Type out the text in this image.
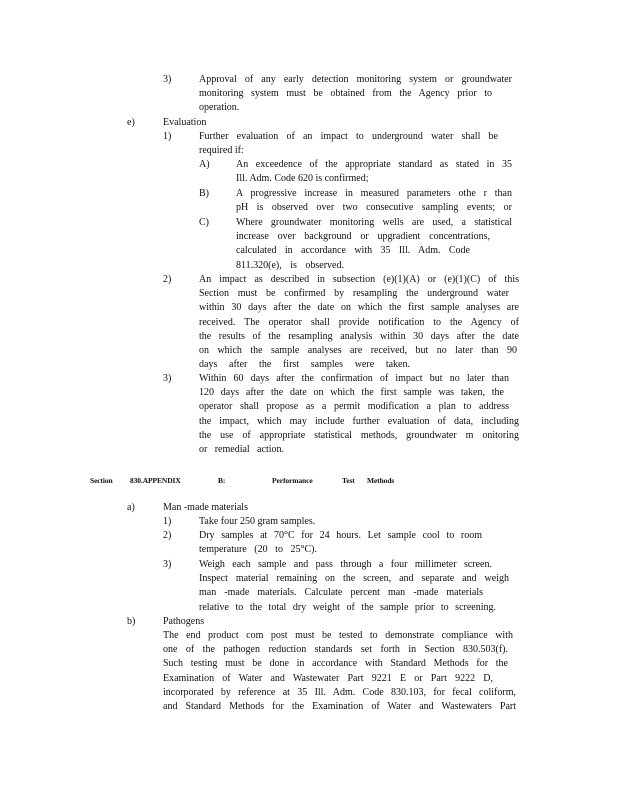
3)	Approval of any early detection monitoring system or groundwater
monitoring system must be obtained from the Agency prior to
operation.
e)	Evaluation
1)	Further evaluation of an impact to underground water shall be
required if:
A)	An exceedence of the appropriate standard as stated in 35
Ill. Adm. Code 620 is confirmed;
B)	A progressive increase in measured parameters othe r than
pH is observed over two consecutive sampling events; or
C)	Where groundwater monitoring wells are used, a statistical
increase over background or upgradient concentrations,
calculated in accordance with 35 Ill. Adm. Code
811.320(e), is observed.
2)	An impact as described in subsection (e)(1)(A) or (e)(1)(C) of this
Section must be confirmed by resampling the underground water
within 30 days after the date on which the first sample analyses are
received. The operator shall provide notification to the Agency of
the results of the resampling analysis within 30 days after the date
on which the sample analyses are received, but no later than 90
days after the first samples were taken.
3)	Within 60 days after the confirmation of impact but no later than
120 days after the date on which the first sample was taken, the
operator shall propose as a permit modification a plan to address
the impact, which may include further evaluation of data, including
the use of appropriate statistical methods, groundwater m onitoring
or remedial action.
Section 830.APPENDIX	B:	Performance	Test Methods
a)	Man -made materials
1)	Take four 250 gram samples.
2)	Dry samples at 70°C for 24 hours. Let sample cool to room
temperature (20 to 25°C).
3)	Weigh each sample and pass through a four millimeter screen.
Inspect material remaining on the screen, and separate and weigh
man -made materials. Calculate percent man -made materials
relative to the total dry weight of the sample prior to screening.
b)	Pathogens
The end product com post must be tested to demonstrate compliance with
one of the pathogen reduction standards set forth in Section 830.503(f).
Such testing must be done in accordance with Standard Methods for the
Examination of Water and Wastewater Part 9221 E or Part 9222 D,
incorporated by reference at 35 Ill. Adm. Code 830.103, for fecal coliform,
and Standard Methods for the Examination of Water and Wastewaters Part
